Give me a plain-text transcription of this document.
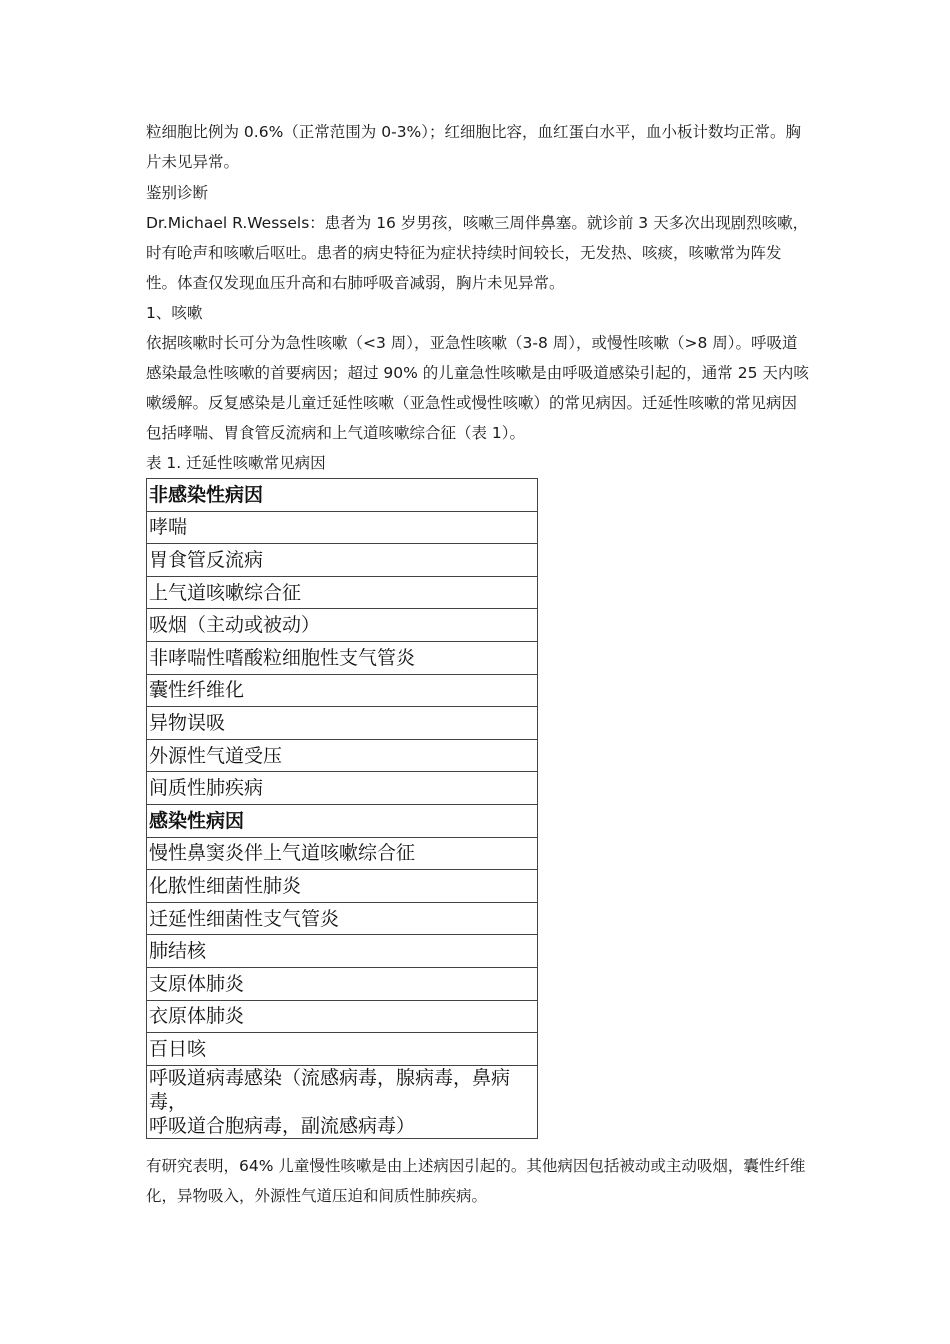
粒细胞比例为 0.6%（正常范围为 0-3%）；红细胞比容，血红蛋白水平，血小板计数均正常。胸片未见异常。

鉴别诊断

Dr.Michael R.Wessels：患者为 16 岁男孩，咳嗽三周伴鼻塞。就诊前 3 天多次出现剧烈咳嗽，时有呛声和咳嗽后呕吐。患者的病史特征为症状持续时间较长，无发热、咳痰，咳嗽常为阵发性。体查仅发现血压升高和右肺呼吸音减弱，胸片未见异常。

1、咳嗽

依据咳嗽时长可分为急性咳嗽（<3 周），亚急性咳嗽（3-8 周），或慢性咳嗽（>8 周）。呼吸道感染最急性咳嗽的首要病因；超过 90% 的儿童急性咳嗽是由呼吸道感染引起的，通常 25 天内咳嗽缓解。反复感染是儿童迁延性咳嗽（亚急性或慢性咳嗽）的常见病因。迁延性咳嗽的常见病因包括哮喘、胃食管反流病和上气道咳嗽综合征（表 1）。

表 1. 迁延性咳嗽常见病因

非感染性病因
哮喘
胃食管反流病
上气道咳嗽综合征
吸烟（主动或被动）
非哮喘性嗜酸粒细胞性支气管炎
囊性纤维化
异物误吸
外源性气道受压
间质性肺疾病
感染性病因
慢性鼻窦炎伴上气道咳嗽综合征
化脓性细菌性肺炎
迁延性细菌性支气管炎
肺结核
支原体肺炎
衣原体肺炎
百日咳
呼吸道病毒感染（流感病毒，腺病毒，鼻病毒，
呼吸道合胞病毒，副流感病毒）

有研究表明，64% 儿童慢性咳嗽是由上述病因引起的。其他病因包括被动或主动吸烟，囊性纤维化，异物吸入，外源性气道压迫和间质性肺疾病。
